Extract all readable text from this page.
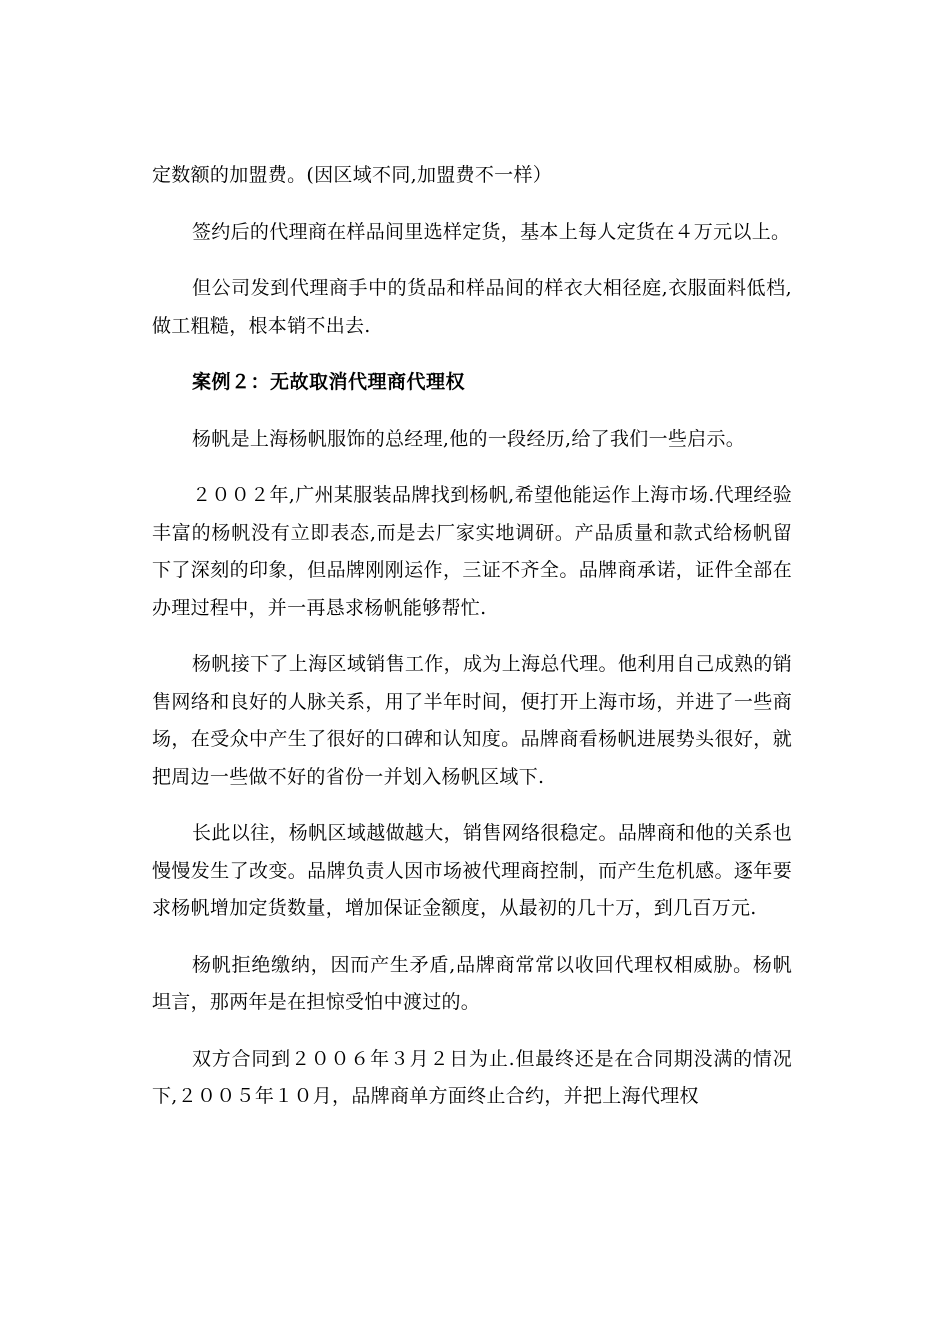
定数额的加盟费。(因区域不同,加盟费不一样）

签约后的代理商在样品间里选样定货，基本上每人定货在４万元以上。

但公司发到代理商手中的货品和样品间的样衣大相径庭,衣服面料低档,做工粗糙，根本销不出去.

案例２：无故取消代理商代理权

杨帆是上海杨帆服饰的总经理,他的一段经历,给了我们一些启示。

２００２年,广州某服装品牌找到杨帆,希望他能运作上海市场.代理经验丰富的杨帆没有立即表态,而是去厂家实地调研。产品质量和款式给杨帆留下了深刻的印象，但品牌刚刚运作，三证不齐全。品牌商承诺，证件全部在办理过程中，并一再恳求杨帆能够帮忙.

杨帆接下了上海区域销售工作，成为上海总代理。他利用自己成熟的销售网络和良好的人脉关系，用了半年时间，便打开上海市场，并进了一些商场，在受众中产生了很好的口碑和认知度。品牌商看杨帆进展势头很好，就把周边一些做不好的省份一并划入杨帆区域下.

长此以往，杨帆区域越做越大，销售网络很稳定。品牌商和他的关系也慢慢发生了改变。品牌负责人因市场被代理商控制，而产生危机感。逐年要求杨帆增加定货数量，增加保证金额度，从最初的几十万，到几百万元.

杨帆拒绝缴纳，因而产生矛盾,品牌商常常以收回代理权相威胁。杨帆坦言，那两年是在担惊受怕中渡过的。

双方合同到２００６年３月２日为止.但最终还是在合同期没满的情况下,２００５年１０月，品牌商单方面终止合约，并把上海代理权
